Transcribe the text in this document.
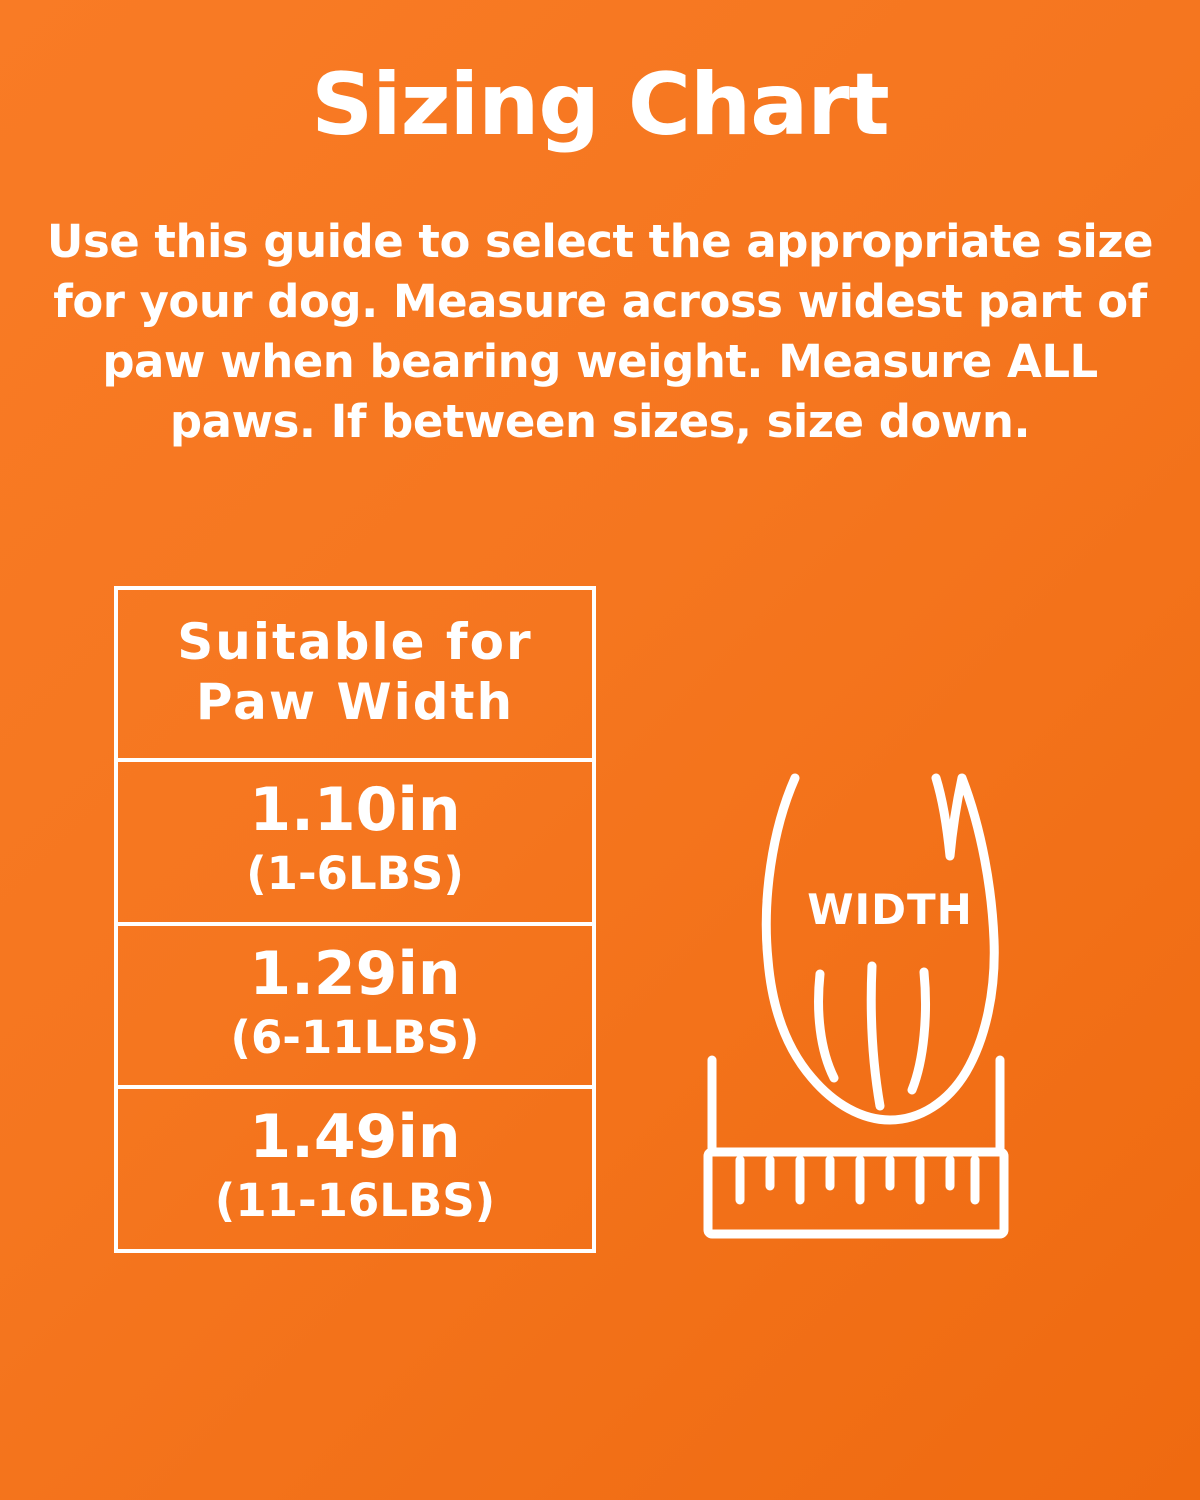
Sizing Chart
Use this guide to select the appropriate size for your dog. Measure across widest part of paw when bearing weight. Measure ALL paws. If between sizes, size down.
Suitable for
Paw Width
1.10in
(1-6LBS)
1.29in
(6-11LBS)
1.49in
(11-16LBS)
WIDTH
